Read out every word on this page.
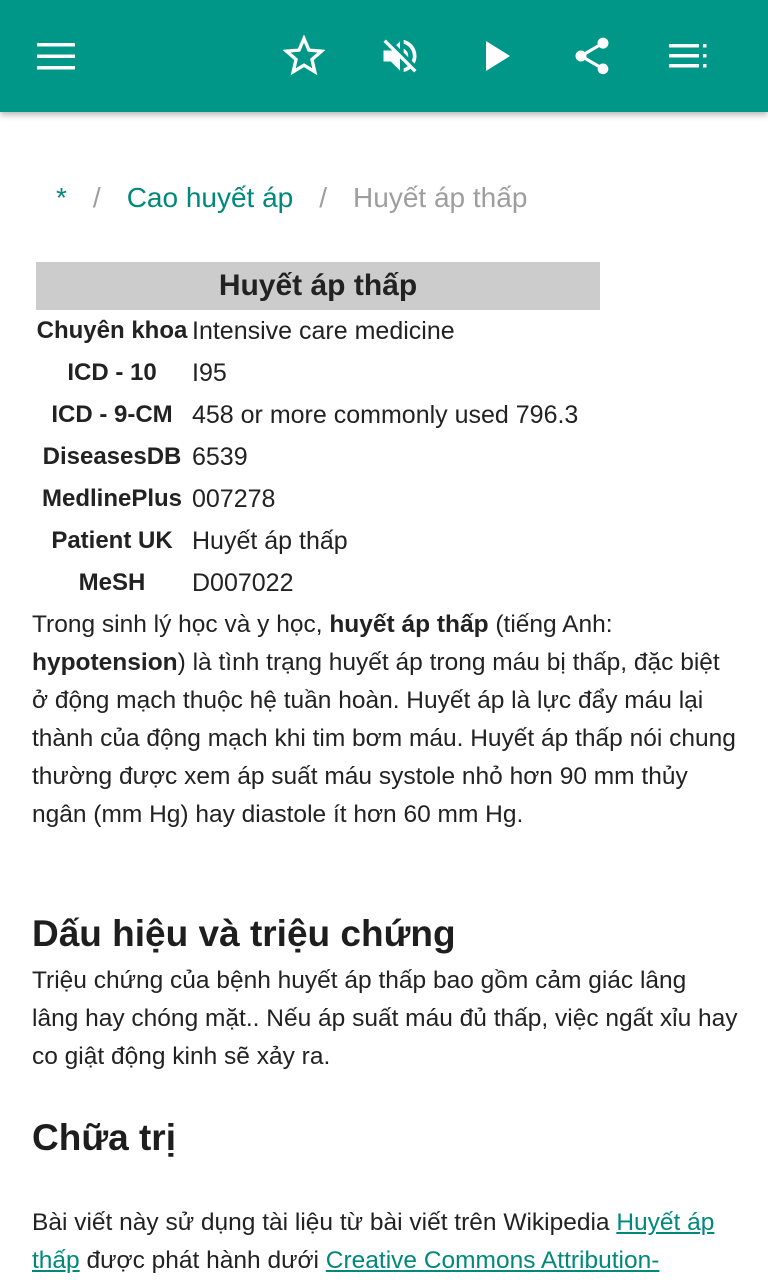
* / Cao huyết áp / Huyết áp thấp
Huyết áp thấp
Chuyên khoa Intensive care medicine
ICD - 10	I95
ICD - 9-CM 458 or more commonly used 796.3
DiseasesDB 6539
MedlinePlus 007278
Patient UK Huyết áp thấp
MeSH	D007022
Trong sinh lý học và y học, huyết áp thấp (tiếng Anh: hypotension) là tình trạng huyết áp trong máu bị thấp, đặc biệt ở động mạch thuộc hệ tuần hoàn. Huyết áp là lực đẩy máu lại thành của động mạch khi tim bơm máu. Huyết áp thấp nói chung thường được xem áp suất máu systole nhỏ hơn 90 mm thủy ngân (mm Hg) hay diastole ít hơn 60 mm Hg.
Dấu hiệu và triệu chứng
Triệu chứng của bệnh huyết áp thấp bao gồm cảm giác lâng lâng hay chóng mặt.. Nếu áp suất máu đủ thấp, việc ngất xỉu hay co giật động kinh sẽ xảy ra.
Chữa trị
Bài viết này sử dụng tài liệu từ bài viết trên Wikipedia Huyết áp thấp được phát hành dưới Creative Commons Attribution-
